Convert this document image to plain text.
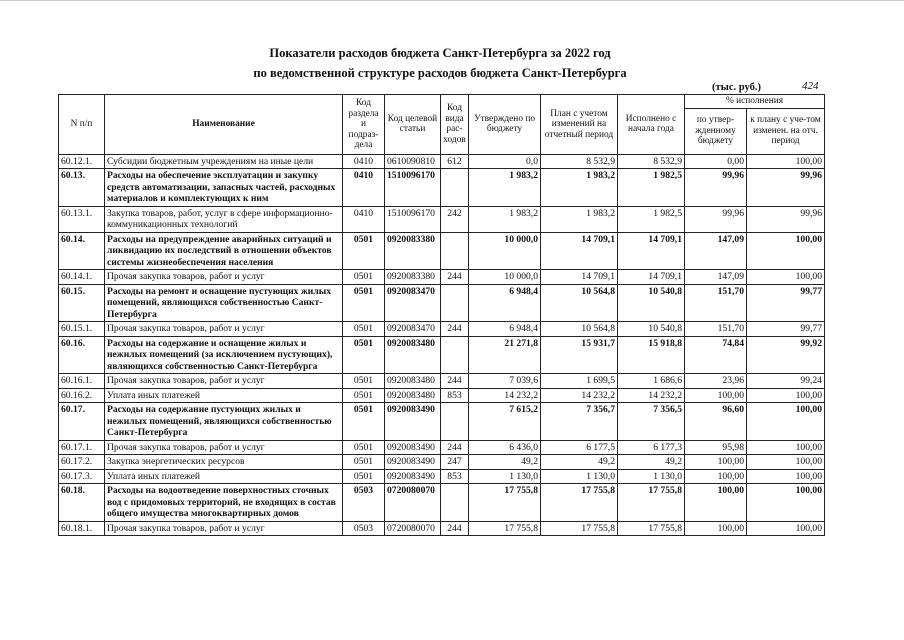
Показатели расходов бюджета Санкт-Петербурга за 2022 год
по ведомственной структуре расходов бюджета Санкт-Петербурга
(тыс. руб.)	424
N п/п	Наименование	Код раздела и подраз-дела	Код целевой статьи	Код вида рас-ходов	Утверждено по бюджету	План с учетом изменений на отчетный период	Исполнено с начала года	% исполнения	
								по утвер-жденному бюджету	к плану с уче-том изменен. на отч. период
60.12.1.	Субсидии бюджетным учреждениям на иные цели	0410	0610090810	612	0,0	8 532,9	8 532,9	0,00	100,00
60.13.	Расходы на обеспечение эксплуатации и закупку средств автоматизации, запасных частей, расходных материалов и комплектующих к ним	0410	1510096170		1 983,2	1 983,2	1 982,5	99,96	99,96
60.13.1.	Закупка товаров, работ, услуг в сфере информационно-коммуникационных технологий	0410	1510096170	242	1 983,2	1 983,2	1 982,5	99,96	99,96
60.14.	Расходы на предупреждение аварийных ситуаций и ликвидацию их последствий в отношении объектов системы жизнеобеспечения населения	0501	0920083380		10 000,0	14 709,1	14 709,1	147,09	100,00
60.14.1.	Прочая закупка товаров, работ и услуг	0501	0920083380	244	10 000,0	14 709,1	14 709,1	147,09	100,00
60.15.	Расходы на ремонт и оснащение пустующих жилых помещений, являющихся собственностью Санкт-Петербурга	0501	0920083470		6 948,4	10 564,8	10 540,8	151,70	99,77
60.15.1.	Прочая закупка товаров, работ и услуг	0501	0920083470	244	6 948,4	10 564,8	10 540,8	151,70	99,77
60.16.	Расходы на содержание и оснащение жилых и нежилых помещений (за исключением пустующих), являющихся собственностью Санкт-Петербурга	0501	0920083480		21 271,8	15 931,7	15 918,8	74,84	99,92
60.16.1.	Прочая закупка товаров, работ и услуг	0501	0920083480	244	7 039,6	1 699,5	1 686,6	23,96	99,24
60.16.2.	Уплата иных платежей	0501	0920083480	853	14 232,2	14 232,2	14 232,2	100,00	100,00
60.17.	Расходы на содержание пустующих жилых и нежилых помещений, являющихся собственностью Санкт-Петербурга	0501	0920083490		7 615,2	7 356,7	7 356,5	96,60	100,00
60.17.1.	Прочая закупка товаров, работ и услуг	0501	0920083490	244	6 436,0	6 177,5	6 177,3	95,98	100,00
60.17.2.	Закупка энергетических ресурсов	0501	0920083490	247	49,2	49,2	49,2	100,00	100,00
60.17.3.	Уплата иных платежей	0501	0920083490	853	1 130,0	1 130,0	1 130,0	100,00	100,00
60.18.	Расходы на водоотведение поверхностных сточных вод с придомовых территорий, не входящих в состав общего имущества многоквартирных домов	0503	0720080070		17 755,8	17 755,8	17 755,8	100,00	100,00
60.18.1.	Прочая закупка товаров, работ и услуг	0503	0720080070	244	17 755,8	17 755,8	17 755,8	100,00	100,00
